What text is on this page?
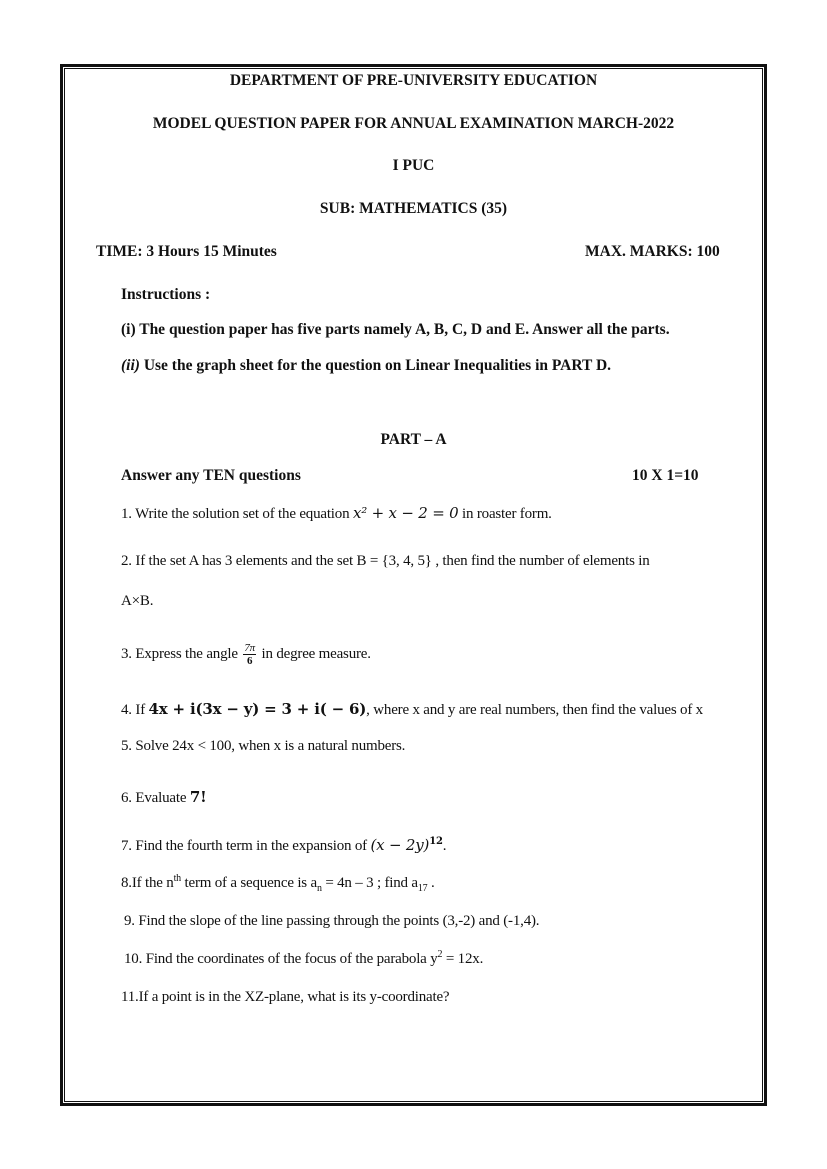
DEPARTMENT OF PRE-UNIVERSITY EDUCATION
MODEL QUESTION PAPER FOR ANNUAL EXAMINATION MARCH-2022
I PUC
SUB: MATHEMATICS (35)
TIME: 3 Hours 15 Minutes	MAX. MARKS: 100
Instructions :
(i) The question paper has five parts namely A, B, C, D and E. Answer all the parts.
(ii) Use the graph sheet for the question on Linear Inequalities in PART D.
PART – A
Answer any TEN questions	10 X 1=10
1. Write the solution set of the equation x² + x − 2 = 0 in roaster form.
2. If the set A has 3 elements and the set B = {3, 4, 5} , then find the number of elements in
A×B.
3. Express the angle $\frac{7\pi}{6}$ in degree measure.
4. If 4x + i(3x − y) = 3 + i( − 6), where x and y are real numbers, then find the values of x
5. Solve 24x < 100, when x is a natural numbers.
6. Evaluate 7!
7. Find the fourth term in the expansion of $(x - 2y)^{12}$.
8.If the $n^{th}$ term of a sequence is $a_n = 4n - 3$ ; find $a_{17}$ .
9. Find the slope of the line passing through the points (3,-2) and (-1,4).
10. Find the coordinates of the focus of the parabola $y^2 = 12x$.
11.If a point is in the XZ-plane, what is its y-coordinate?
